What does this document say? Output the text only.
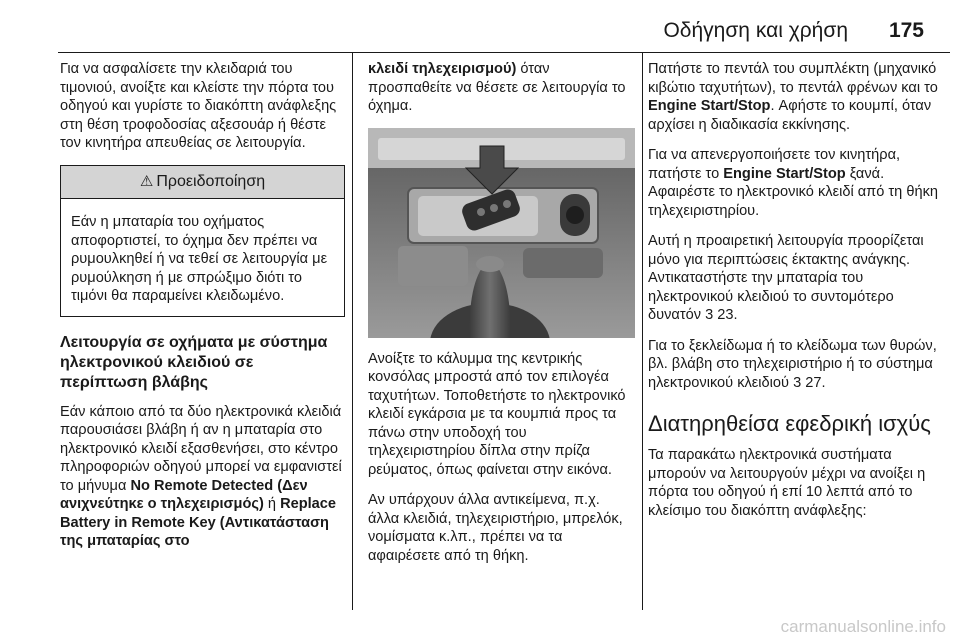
Οδήγηση και χρήση 175

Για να ασφαλίσετε την κλειδαριά του τιμονιού, ανοίξτε και κλείστε την πόρτα του οδηγού και γυρίστε το διακόπτη ανάφλεξης στη θέση τροφοδοσίας αξεσουάρ ή θέστε τον κινητήρα απευθείας σε λειτουργία.

⚠ Προειδοποίηση
Εάν η μπαταρία του οχήματος αποφορτιστεί, το όχημα δεν πρέπει να ρυμουλκηθεί ή να τεθεί σε λειτουργία με ρυμούλκηση ή με σπρώξιμο διότι το τιμόνι θα παραμείνει κλειδωμένο.
Λειτουργία σε οχήματα με σύστημα ηλεκτρονικού κλειδιού σε περίπτωση βλάβης

Εάν κάποιο από τα δύο ηλεκτρονικά κλειδιά παρουσιάσει βλάβη ή αν η μπαταρία στο ηλεκτρονικό κλειδί εξασθενήσει, στο κέντρο πληροφοριών οδηγού μπορεί να εμφανιστεί το μήνυμα No Remote Detected (Δεν ανιχνεύτηκε ο τηλεχειρισμός) ή Replace Battery in Remote Key (Αντικατάσταση της μπαταρίας στο

κλειδί τηλεχειρισμού) όταν προσπαθείτε να θέσετε σε λειτουργία το όχημα.

Ανοίξτε το κάλυμμα της κεντρικής κονσόλας μπροστά από τον επιλογέα ταχυτήτων. Τοποθετήστε το ηλεκτρονικό κλειδί εγκάρσια με τα κουμπιά προς τα πάνω στην υποδοχή του τηλεχειριστηρίου δίπλα στην πρίζα ρεύματος, όπως φαίνεται στην εικόνα.

Αν υπάρχουν άλλα αντικείμενα, π.χ. άλλα κλειδιά, τηλεχειριστήριο, μπρελόκ, νομίσματα κ.λπ., πρέπει να τα αφαιρέσετε από τη θήκη.

Πατήστε το πεντάλ του συμπλέκτη (μηχανικό κιβώτιο ταχυτήτων), το πεντάλ φρένων και το Engine Start/Stop. Αφήστε το κουμπί, όταν αρχίσει η διαδικασία εκκίνησης.

Για να απενεργοποιήσετε τον κινητήρα, πατήστε το Engine Start/Stop ξανά. Αφαιρέστε το ηλεκτρονικό κλειδί από τη θήκη τηλεχειριστηρίου.

Αυτή η προαιρετική λειτουργία προορίζεται μόνο για περιπτώσεις έκτακτης ανάγκης. Αντικαταστήστε την μπαταρία του ηλεκτρονικού κλειδιού το συντομότερο δυνατόν 3 23.

Για το ξεκλείδωμα ή το κλείδωμα των θυρών, βλ. βλάβη στο τηλεχειριστήριο ή το σύστημα ηλεκτρονικού κλειδιού 3 27.

Διατηρηθείσα εφεδρική ισχύς

Τα παρακάτω ηλεκτρονικά συστήματα μπορούν να λειτουργούν μέχρι να ανοίξει η πόρτα του οδηγού ή επί 10 λεπτά από το κλείσιμο του διακόπτη ανάφλεξης:

carmanualsonline.info
